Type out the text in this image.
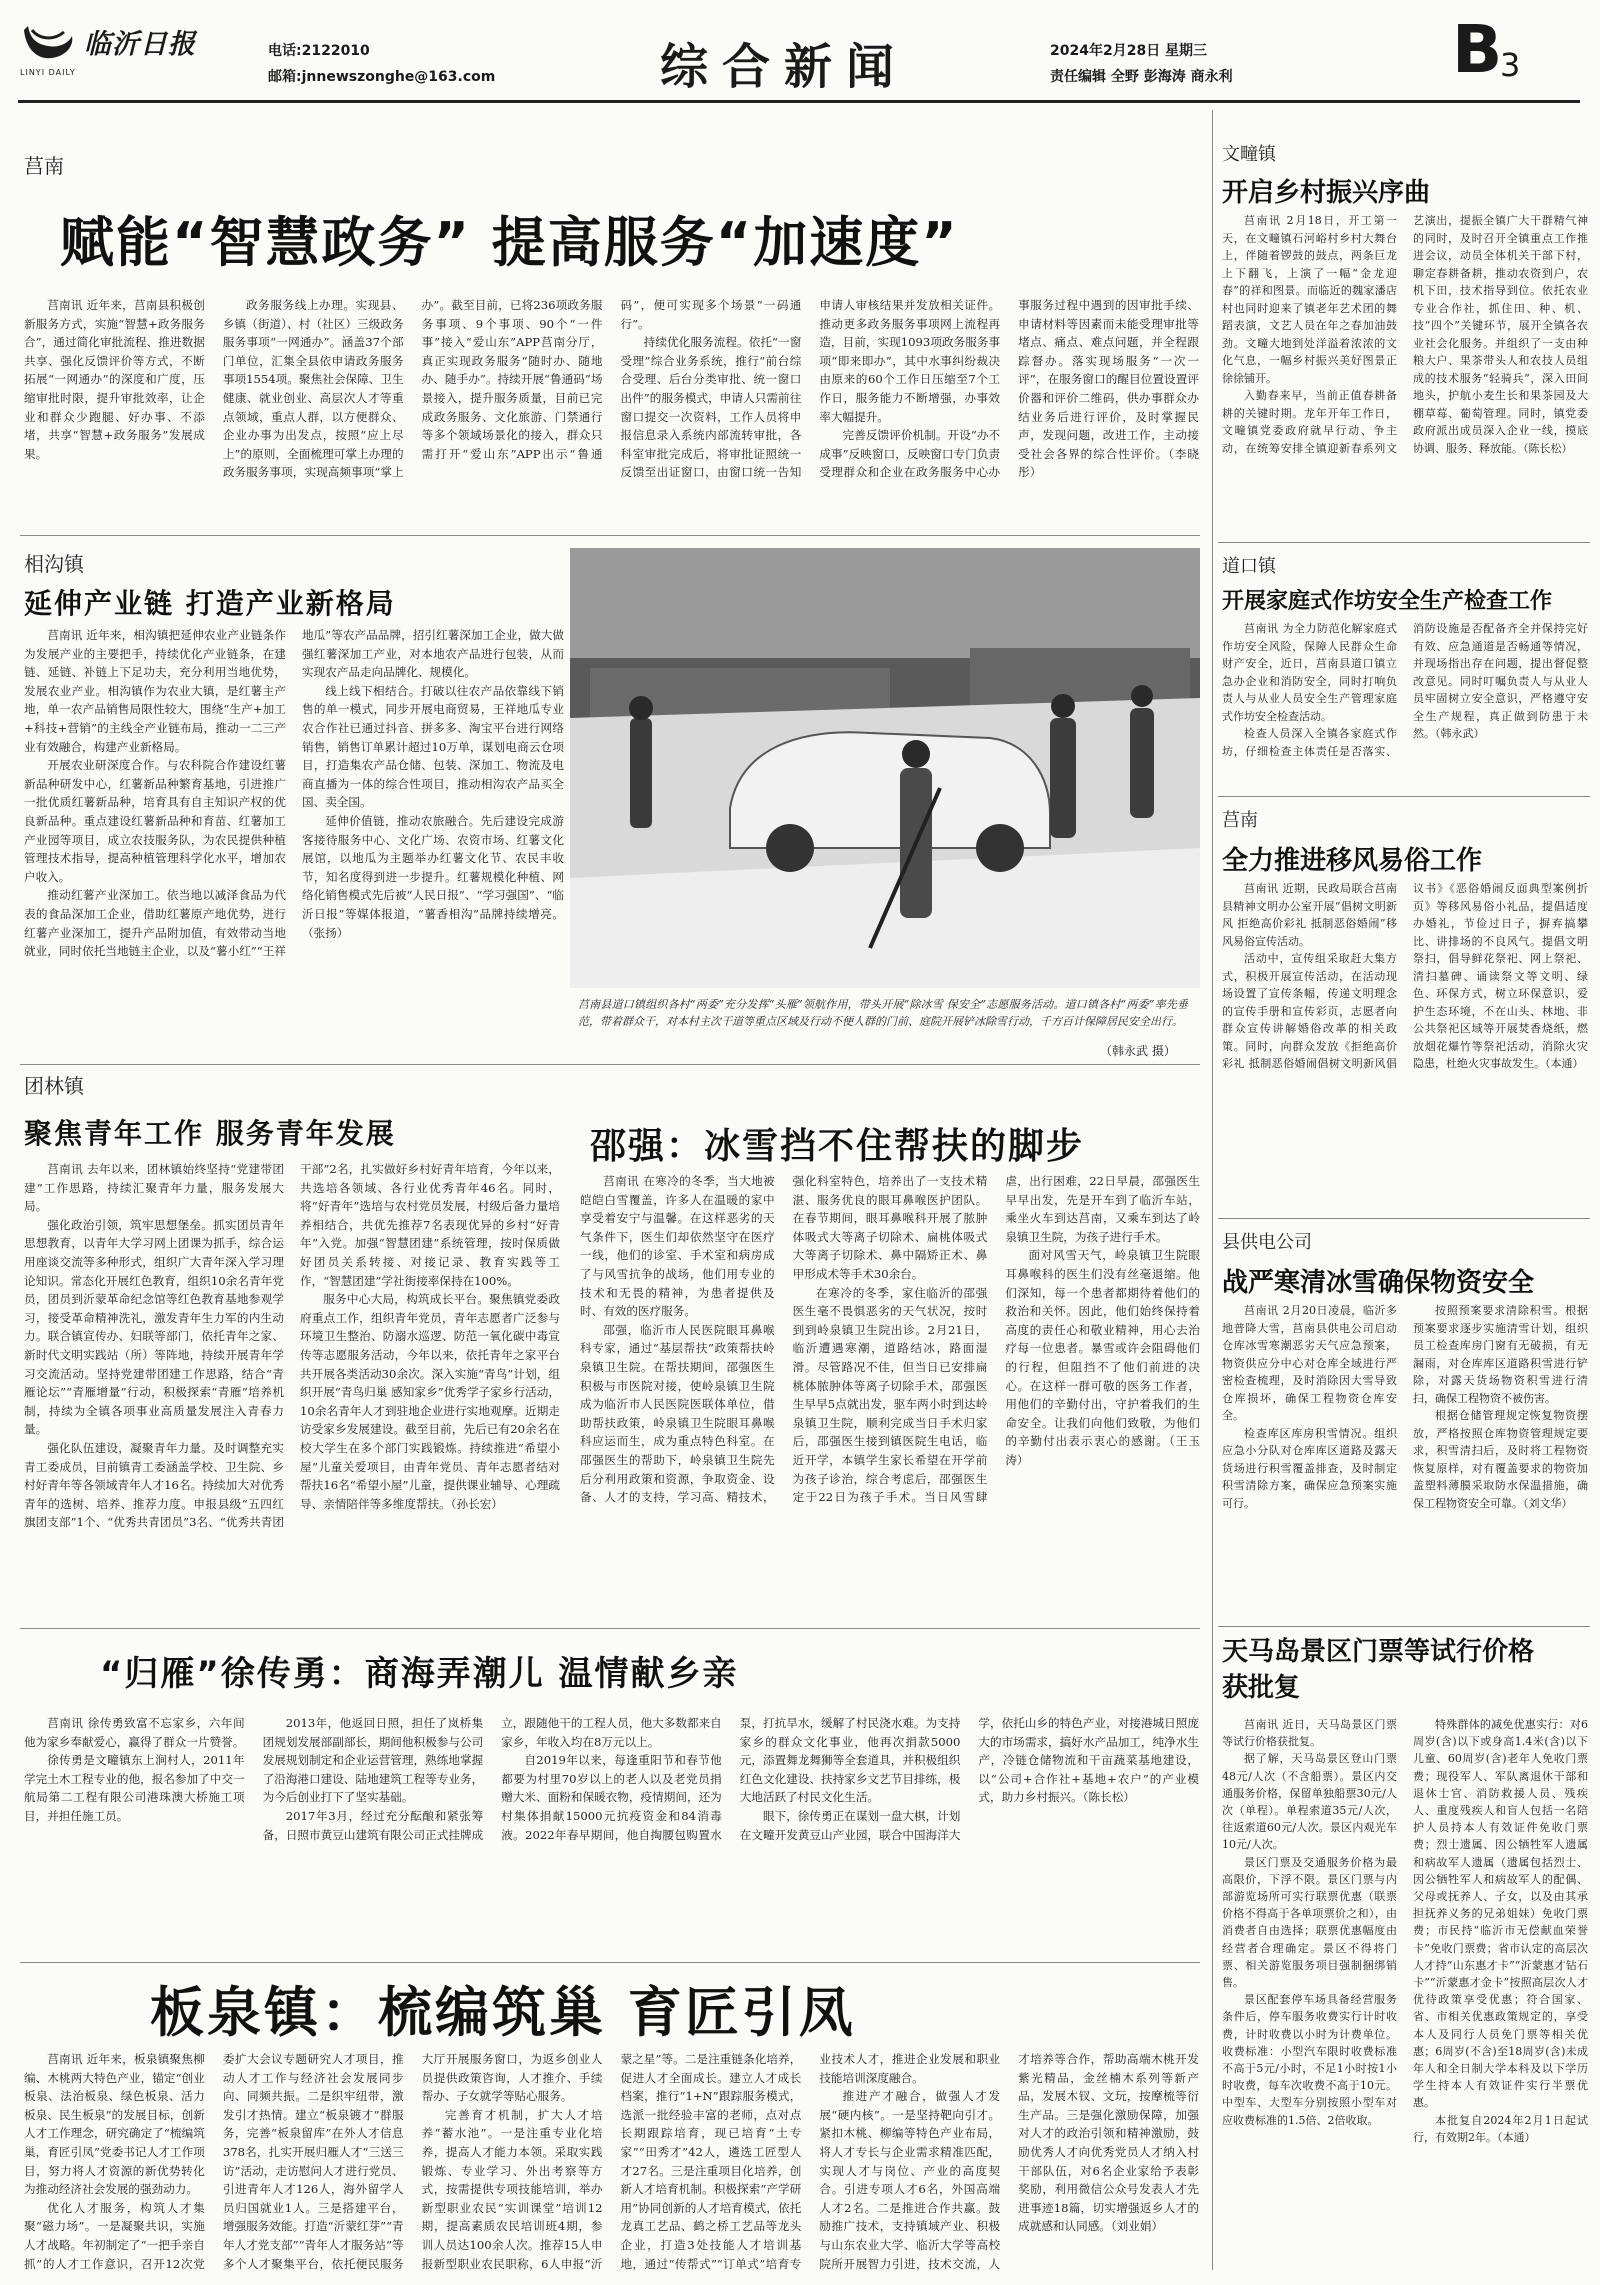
临沂日报
LINYI DAILY
电话:2122010
邮箱:jnnewszonghe@163.com	综合新闻	2024年2月28日 星期三
责任编辑 全野 彭海涛 商永利	B
3
莒南
赋能“智慧政务” 提高服务“加速度”

莒南讯 近年来，莒南县积极创新服务方式，实施“智慧+政务服务合”，通过简化审批流程、推进数据共享、强化反馈评价等方式，不断拓展“一网通办”的深度和广度，压缩审批时限，提升审批效率，让企业和群众少跑腿、好办事、不添堵，共享“智慧+政务服务”发展成果。

政务服务线上办理。实现县、乡镇（街道）、村（社区）三级政务服务事项“一网通办”。涵盖37个部门单位，汇集全县依申请政务服务事项1554项。聚焦社会保障、卫生健康、就业创业、高层次人才等重点领域，重点人群，以方便群众、企业办事为出发点，按照“应上尽上”的原则，全面梳理可掌上办理的政务服务事项，实现高频事项“掌上办”。截至目前，已将236项政务服务事项、9个事项、90个“一件事”接入“爱山东”APP莒南分厅，真正实现政务服务“随时办、随地办、随手办”。持续开展“鲁通码”场景接入，提升服务质量，目前已完成政务服务、文化旅游、门禁通行等多个领域场景化的接入，群众只需打开“爱山东”APP出示“鲁通码”，便可实现多个场景“一码通行”。

持续优化服务流程。依托“一窗受理”综合业务系统，推行“前台综合受理、后台分类审批、统一窗口出件”的服务模式，申请人只需前往窗口提交一次资料，工作人员将申报信息录入系统内部流转审批，各科室审批完成后，将审批证照统一反馈至出证窗口，由窗口统一告知申请人审核结果并发放相关证件。推动更多政务服务事项网上流程再造，目前，实现1093项政务服务事项“即来即办”，其中水事纠纷裁决由原来的60个工作日压缩至7个工作日，服务能力不断增强，办事效率大幅提升。

完善反馈评价机制。开设“办不成事”反映窗口，反映窗口专门负责受理群众和企业在政务服务中心办事服务过程中遇到的因审批手续、申请材料等因素而未能受理审批等堵点、痛点、难点问题，并全程跟踪督办。落实现场服务“一次一评”，在服务窗口的醒目位置设置评价器和评价二维码，供办事群众办结业务后进行评价，及时掌握民声，发现问题，改进工作，主动接受社会各界的综合性评价。（李晓彤）

相沟镇
延伸产业链 打造产业新格局

莒南讯 近年来，相沟镇把延伸农业产业链条作为发展产业的主要把手，持续优化产业链条，在建链、延链、补链上下足功夫，充分利用当地优势，发展农业产业。相沟镇作为农业大镇，是红薯主产地，单一农产品销售局限性较大，围绕“生产+加工+科技+营销”的主线全产业链布局，推动一二三产业有效融合，构建产业新格局。

开展农业研深度合作。与农科院合作建设红薯新品种研发中心，红薯新品种繁育基地，引进推广一批优质红薯新品种，培育具有自主知识产权的优良新品种。重点建设红薯新品种和育苗、红薯加工产业园等项目，成立农技服务队，为农民提供种植管理技术指导，提高种植管理科学化水平，增加农户收入。

推动红薯产业深加工。依当地以减泽食品为代表的食品深加工企业，借助红薯原产地优势，进行红薯产业深加工，提升产品附加值，有效带动当地就业，同时依托当地链主企业，以及“薯小红”“王祥地瓜”等农产品品牌，招引红薯深加工企业，做大做强红薯深加工产业，对本地农产品进行包装，从而实现农产品走向品牌化、规模化。

线上线下相结合。打破以往农产品依靠线下销售的单一模式，同步开展电商贸易，王祥地瓜专业农合作社已通过抖音、拼多多、淘宝平台进行网络销售，销售订单累计超过10万单，谋划电商云仓项目，打造集农产品仓储、包装、深加工、物流及电商直播为一体的综合性项目，推动相沟农产品买全国、卖全国。

延伸价值链，推动农旅融合。先后建设完成游客接待服务中心、文化广场、农资市场、红薯文化展馆，以地瓜为主题举办红薯文化节、农民丰收节，知名度得到进一步提升。红薯规模化种植、网络化销售模式先后被“人民日报”、“学习强国”、“临沂日报”等媒体报道，“薯香相沟”品牌持续增亮。（张扬）

莒南县道口镇组织各村“两委”充分发挥“头雁”领航作用，带头开展“除冰雪 保安全”志愿服务活动。道口镇各村“两委”率先垂范，带着群众干，对本村主次干道等重点区域及行动不便人群的门前、庭院开展铲冰除雪行动，千方百计保障居民安全出行。
（韩永武 摄）
团林镇
聚焦青年工作 服务青年发展

莒南讯 去年以来，团林镇始终坚持“党建带团建”工作思路，持续汇聚青年力量，服务发展大局。

强化政治引领，筑牢思想堡垒。抓实团员青年思想教育，以青年大学习网上团课为抓手，综合运用座谈交流等多种形式，组织广大青年深入学习理论知识。常态化开展红色教育，组织10余名青年党员，团员到沂蒙革命纪念馆等红色教育基地参观学习，接受革命精神洗礼，激发青年生力军的内生动力。联合镇宣传办、妇联等部门，依托青年之家、新时代文明实践站（所）等阵地，持续开展青年学习交流活动。坚持党建带团建工作思路，结合“青雁论坛”“青雁增量”行动，积极探索“青雁”培养机制，持续为全镇各项事业高质量发展注入青春力量。

强化队伍建设，凝聚青年力量。及时调整充实青工委成员，目前镇青工委涵盖学校、卫生院、乡村好青年等各领域青年人才16名。持续加大对优秀青年的选树、培养、推荐力度。申报县级“五四红旗团支部”1个、“优秀共青团员”3名、“优秀共青团干部”2名，扎实做好乡村好青年培育，今年以来，共选培各领域、各行业优秀青年46名。同时，将“好青年”选培与农村党员发展，村级后备力量培养相结合，共优先推荐7名表现优异的乡村“好青年”入党。加强“智慧团建”系统管理，按时保质做好团员关系转接、对接记录、教育实践等工作，“智慧团建”学社街接率保持在100%。

服务中心大局，构筑成长平台。聚焦镇党委政府重点工作，组织青年党员，青年志愿者广泛参与环境卫生整治、防溺水巡逻、防范一氧化碳中毒宣传等志愿服务活动，今年以来，依托青年之家平台共开展各类活动30余次。深入实施“青鸟”计划，组织开展“青鸟归巢 感知家乡”优秀学子家乡行活动，10余名青年人才到驻地企业进行实地观摩。近期走访受家乡发展建设。截至目前，先后已有20余名在校大学生在多个部门实践锻炼。持续推进“希望小屋”儿童关爱项目，由青年党员、青年志愿者结对帮扶16名“希望小屋”儿童，提供课业辅导、心理疏导、亲情陪伴等多维度帮扶。（孙长宏）

邵强：冰雪挡不住帮扶的脚步

莒南讯 在寒冷的冬季，当大地被皑皑白雪覆盖，许多人在温暖的家中享受着安宁与温馨。在这样恶劣的天气条件下，医生们却依然坚守在医疗一线，他们的诊室、手术室和病房成了与风雪抗争的战场，他们用专业的技术和无畏的精神，为患者提供及时、有效的医疗服务。

邵强，临沂市人民医院眼耳鼻喉科专家，通过“基层帮扶”政策帮扶岭泉镇卫生院。在帮扶期间，邵强医生积极与市医院对接，使岭泉镇卫生院成为临沂市人民医院医联体单位，借助帮扶政策，岭泉镇卫生院眼耳鼻喉科应运而生，成为重点特色科室。在邵强医生的帮助下，岭泉镇卫生院先后分利用政策和资源，争取资金、设备、人才的支持，学习高、精技术，强化科室特色，培养出了一支技术精湛、服务优良的眼耳鼻喉医护团队。在春节期间，眼耳鼻喉科开展了脓肿体吸式大等离子切除术、扁桃体吸式大等离子切除术、鼻中隔矫正术、鼻甲形成术等手术30余台。

在寒冷的冬季，家住临沂的邵强医生毫不畏惧恶劣的天气状况，按时到到岭泉镇卫生院出诊。2月21日，临沂遭遇寒潮，道路结冰，路面湿滑。尽管路况不佳，但当日已安排扁桃体脓肿体等离子切除手术，邵强医生早早5点就出发，驱车两小时到达岭泉镇卫生院，顺利完成当日手术归家后，邵强医生接到镇医院生电话，临近开学，本镇学生家长希望在开学前为孩子诊治，综合考虑后，邵强医生定于22日为孩子手术。当日风雪肆虐，出行困难，22日早晨，邵强医生早早出发，先是开车到了临沂车站，乘坐火车到达莒南，又乘车到达了岭泉镇卫生院，为孩子进行手术。

面对风雪天气，岭泉镇卫生院眼耳鼻喉科的医生们没有丝毫退缩。他们深知，每一个患者都期待着他们的救治和关怀。因此，他们始终保持着高度的责任心和敬业精神，用心去治疗每一位患者。暴雪或许会阻碍他们的行程，但阻挡不了他们前进的决心。在这样一群可敬的医务工作者，用他们的辛勤付出，守护着我们的生命安全。让我们向他们致敬，为他们的辛勤付出表示衷心的感谢。（王玉涛）

“归雁”徐传勇：商海弄潮儿 温情献乡亲

莒南讯 徐传勇致富不忘家乡，六年间他为家乡奉献爱心，赢得了群众一片赞誉。

徐传勇是文疃镇东上涧村人，2011年学完土木工程专业的他，报名参加了中交一航局第二工程有限公司港珠澳大桥施工项目，并担任施工员。

2013年，他返回日照，担任了岚桥集团规划发展部副部长，期间他积极参与公司发展规划制定和企业运营管理，熟练地掌握了沿海港口建设、陆地建筑工程等专业务，为今后创业打下了坚实基础。

2017年3月，经过充分酝酿和紧张筹备，日照市黄豆山建筑有限公司正式挂牌成立，跟随他干的工程人员，他大多数都来自家乡，年收入均在8万元以上。

自2019年以来，每逢重阳节和春节他都要为村里70岁以上的老人以及老党员捐赠大米、面粉和保暖衣物，疫情期间，还为村集体捐献15000元抗疫资金和84消毒液。2022年春早期间，他自掏腰包购置水泵，打抗旱水，缓解了村民浇水难。为支持家乡的群众文化事业，他再次捐款5000元，添置舞龙舞狮等全套道具，并积极组织红色文化建设、扶持家乡文艺节目排练，极大地活跃了村民文化生活。

眼下，徐传勇正在谋划一盘大棋，计划在文疃开发黄豆山产业园，联合中国海洋大学，依托山乡的特色产业，对接港城日照庞大的市场需求，搞好水产品加工，纯净水生产，冷链仓储物流和干亩蔬菜基地建设，以“公司+合作社+基地+农户”的产业模式，助力乡村振兴。（陈长松）

板泉镇：梳编筑巢 育匠引凤

莒南讯 近年来，板泉镇聚焦柳编、木桃两大特色产业，锚定“创业板泉、法治板泉、绿色板泉、活力板泉、民生板泉”的发展目标，创新人才工作理念，研究确定了“梳编筑巢，育匠引凤”党委书记人才工作项目，努力将人才资源的新优势转化为推动经济社会发展的强劲动力。

优化人才服务，构筑人才集聚“磁力场”。一是凝聚共识，实施人才战略。年初制定了“一把手亲自抓”的人才工作意识，召开12次党委扩大会议专题研究人才项目，推动人才工作与经济社会发展同步向、同频共振。二是织牢纽带，激发引才热情。建立“板泉镀才”群服务，完善“板泉留库”在外人才信息378名，扎实开展归雁人才“三送三访”活动，走访慰问人才进行党员、引进青年人才126人，海外留学人员归国就业1人。三是搭建平台，增强服务效能。打造“沂蒙红芽”“青年人才党支部”“青年人才服务站”等多个人才聚集平台，依托便民服务大厅开展服务窗口，为返乡创业人员提供政策咨询，人才推介、手续帮办、子女就学等贴心服务。

完善育才机制，扩大人才培养“蓄水池”。一是注重专业化培养，提高人才能力本领。采取实践锻炼、专业学习、外出考察等方式，按需提供专项技能培训，举办新型职业农民“实训课堂”培训12期，提高素质农民培训班4期，参训人员达100余人次。推荐15人申报新型职业农民职称，6人申报“沂蒙之星”等。二是注重链条化培养，促进人才全面成长。建立人才成长档案，推行“1+N”跟踪服务模式，选派一批经验丰富的老师，点对点长期跟踪培育，现已培育“土专家”“田秀才”42人，遴选工匠型人才27名。三是注重项目化培养，创新人才培育机制。积极探索“产学研用”协同创新的人才培育模式，依托龙真工艺品、鹤之桥工艺品等龙头企业，打造3处技能人才培训基地，通过“传帮式”“订单式”培育专业技术人才，推进企业发展和职业技能培训深度融合。

推进产才融合，做强人才发展“硬内核”。一是坚持靶向引才。紧扣木桃、柳编等特色产业布局，将人才专长与企业需求精准匹配，实现人才与岗位、产业的高度契合。引进专项人才6名，外国高端人才2名。二是推进合作共赢。鼓励推广技术，支持镇域产业、积极与山东农业大学、临沂大学等高校院所开展智力引进，技术交流，人才培养等合作，帮助高端木桃开发紫光精品，金丝楠木系列等新产品，发展木钗、文玩，按摩梳等衍生产品。三是强化激励保障，加强对人才的政治引领和精神激励，鼓励优秀人才向优秀党员人才纳入村干部队伍，对6名企业家给予表彰奖励，利用微信公众号发表人才先进事迹18篇，切实增强返乡人才的成就感和认同感。（刘业娟）

文疃镇
开启乡村振兴序曲

莒南讯 2月18日，开工第一天，在文疃镇石河峪村乡村大舞台上，伴随着锣鼓的鼓点，两条巨龙上下翻飞，上演了一幅“金龙迎春”的祥和图景。而临近的魏家潘店村也同时迎来了镇老年艺术团的舞蹈表演，文艺人员在年之春加油鼓劲。文疃大地到处洋溢着浓浓的文化气息，一幅乡村振兴美好图景正徐徐铺开。

入勤春来早，当前正值春耕备耕的关键时期。龙年开年工作日，文疃镇党委政府就早行动、争主动，在统筹安排全镇迎新春系列文艺演出，提振全镇广大干群精气神的同时，及时召开全镇重点工作推进会议，动员全体机关干部下村，聊定春耕备耕，推动农资到户，农机下田，技术指导到位。依托农业专业合作社，抓住田、种、机、技“四个”关键环节，展开全镇各农业社会化服务。并组织了一支由种粮大户、果茶带头人和农技人员组成的技术服务“轻骑兵”，深入田间地头，护航小麦生长和果茶园及大棚草莓、葡萄管理。同时，镇党委政府派出成员深入企业一线，摸底协调、服务、释放能。（陈长松）

道口镇
开展家庭式作坊安全生产检查工作

莒南讯 为全力防范化解家庭式作坊安全风险，保障人民群众生命财产安全，近日，莒南县道口镇立急办企业和消防安全，同时打响负责人与从业人员安全生产管理家庭式作坊安全检查活动。

检查人员深入全镇各家庭式作坊，仔细检查主体责任是否落实、消防设施是否配备齐全并保持完好有效、应急通道是否畅通等情况，并现场指出存在问题，提出督促整改意见。同时叮嘱负责人与从业人员牢固树立安全意识，严格遵守安全生产规程，真正做到防患于未然。（韩永武）

莒南
全力推进移风易俗工作

莒南讯 近期，民政局联合莒南县精神文明办公室开展“倡树文明新风 拒绝高价彩礼 抵制恶俗婚闹”移风易俗宣传活动。

活动中，宣传组采取赶大集方式，积极开展宣传活动，在活动现场设置了宣传条幅，传递文明理念的宣传手册和宣传彩页，志愿者向群众宣传讲解婚俗改革的相关政策。同时，向群众发放《拒绝高价彩礼 抵制恶俗婚闹倡树文明新风倡议书》《恶俗婚闹反面典型案例折页》等移风易俗小礼品，提倡适度办婚礼，节俭过日子，摒弃搞攀比、讲排场的不良风气。提倡文明祭扫，倡导鲜花祭祀、网上祭祀、清扫墓碑、诵读祭文等文明、绿色、环保方式，树立环保意识，爱护生态环境，不在山头、林地、非公共祭祀区域等开展焚香烧纸，燃放烟花爆竹等祭祀活动，消除火灾隐患，杜绝火灾事故发生。（本通）

县供电公司
战严寒清冰雪确保物资安全

莒南讯 2月20日凌晨，临沂多地普降大雪，莒南县供电公司启动仓库冰雪寒潮恶劣天气应急预案，物资供应分中心对仓库全域进行严密检查梳理，及时消除因大雪导致仓库损坏，确保工程物资仓库安全。

检查库区库房积雪情况。组织应急小分队对仓库库区道路及露天货场进行积雪覆盖排查，及时制定积雪清除方案，确保应急预案实施可行。

按照预案要求清除积雪。根据预案要求逐步实施清雪计划，组织员工检查库房门窗有无破损，有无漏雨，对仓库库区道路积雪进行铲除，对露天货场物资积雪进行清扫，确保工程物资不被伤害。

根据仓储管理规定恢复物资摆放，严格按照仓库物资管理规定要求，积雪清扫后，及时将工程物资恢复原样，对有覆盖要求的物资加盖塑料薄膜采取防水保温措施，确保工程物资安全可靠。（刘文华）

天马岛景区门票等试行价格获批复

莒南讯 近日，天马岛景区门票等试行价格获批复。

据了解，天马岛景区登山门票48元/人次（不含船票）。景区内交通服务价格，保留单独船票30元/人次（单程）。单程索道35元/人次，往返索道60元/人次。景区内观光车10元/人次。

景区门票及交通服务价格为最高限价，下浮不限。景区门票与内部游览场所可实行联票优惠（联票价格不得高于各单项票价之和），由消费者自由选择；联票优惠幅度由经营者合理确定。景区不得将门票、相关游览服务项目强制捆绑销售。

景区配套停车场具备经营服务条件后，停车服务收费实行计时收费，计时收费以小时为计费单位。收费标准：小型汽车限时收费标准不高于5元/小时，不足1小时按1小时收费，每车次收费不高于10元。中型车、大型车分别按照小型车对应收费标准的1.5倍、2倍收取。

特殊群体的减免优惠实行：对6周岁(含)以下或身高1.4米(含)以下儿童、60周岁(含)老年人免收门票费；现役军人、军队离退休干部和退休士官、消防救援人员、残疾人、重度残疾人和盲人包括一名陪护人员持本人有效证件免收门票费；烈士遗属、因公牺牲军人遗属和病故军人遗属（遗属包括烈士、因公牺牲军人和病故军人的配偶、父母或抚养人、子女，以及由其承担抚养义务的兄弟姐妹）免收门票费；市民持“临沂市无偿献血荣誉卡”免收门票费；省市认定的高层次人才持“山东惠才卡”“沂蒙惠才钻石卡”“沂蒙惠才金卡”按照高层次人才优待政策享受优惠；符合国家、省、市相关优惠政策规定的，享受本人及同行人员免门票等相关优惠；6周岁(不含)至18周岁(含)未成年人和全日制大学本科及以下学历学生持本人有效证件实行半票优惠。

本批复自2024年2月1日起试行，有效期2年。（本通）
